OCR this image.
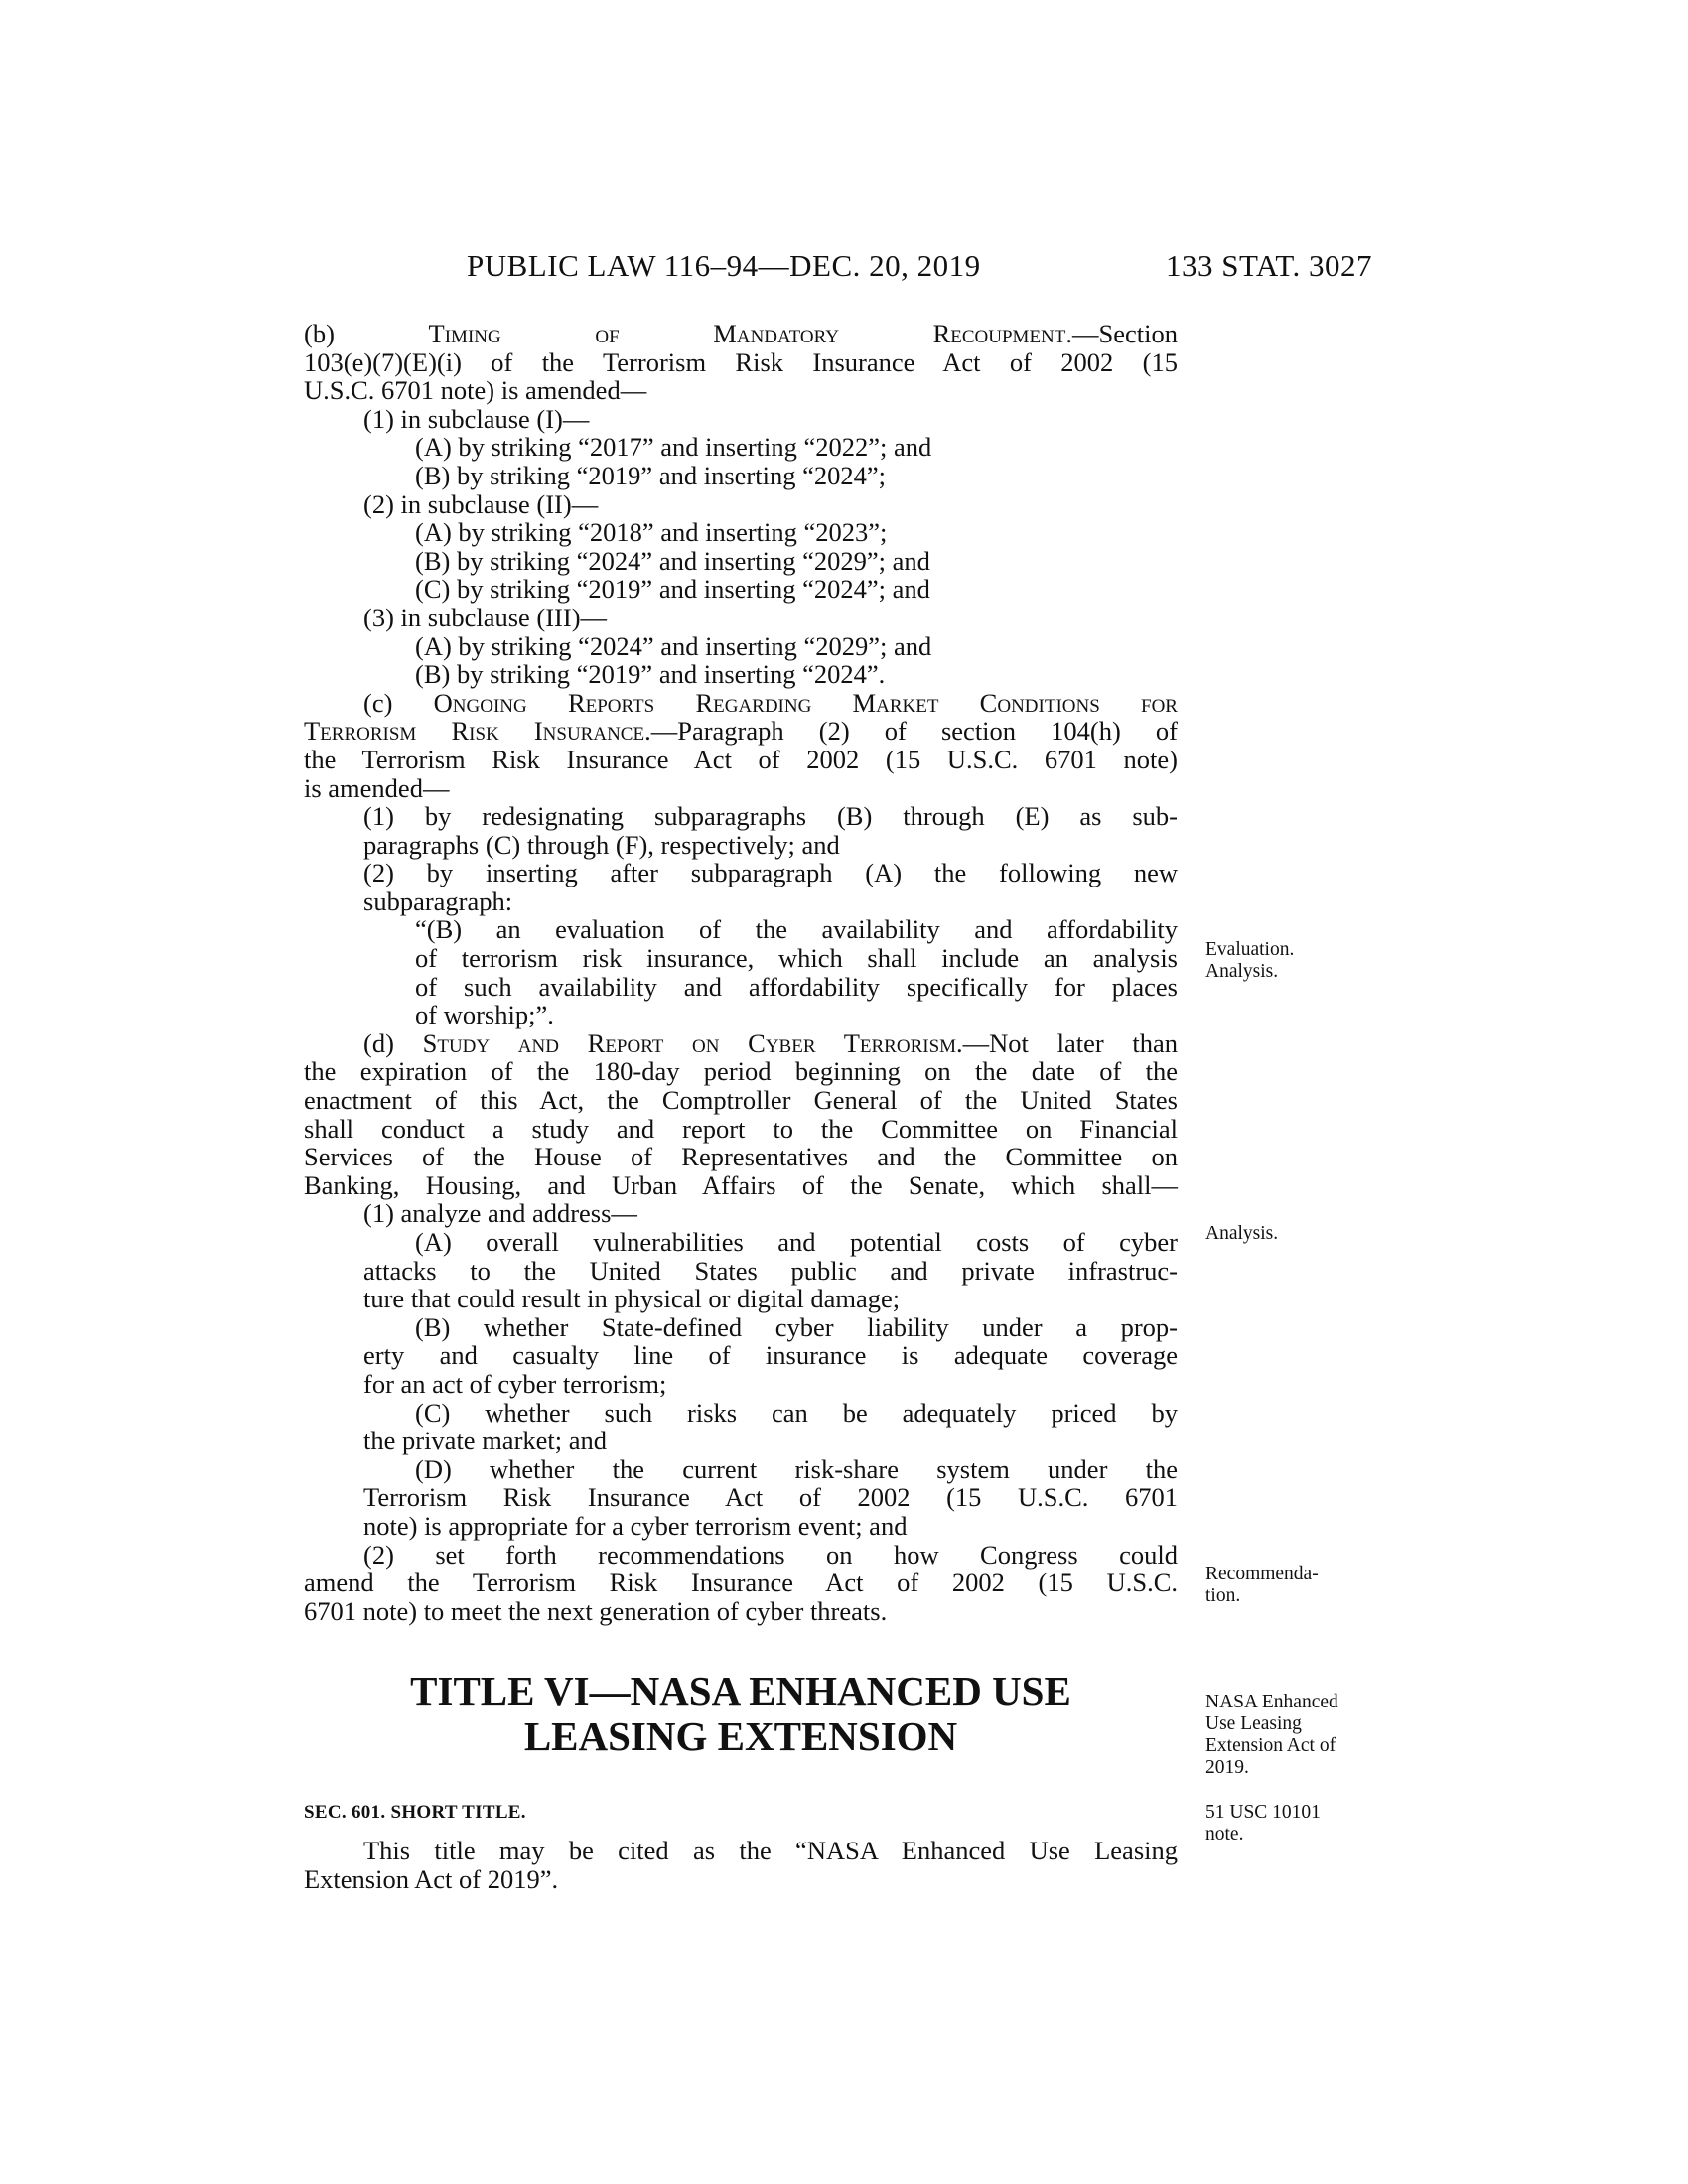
PUBLIC LAW 116–94—DEC. 20, 2019	133 STAT. 3027
(b) Timing of Mandatory Recoupment.—Section
103(e)(7)(E)(i) of the Terrorism Risk Insurance Act of 2002 (15
U.S.C. 6701 note) is amended—
(1) in subclause (I)—
(A) by striking “2017” and inserting “2022”; and
(B) by striking “2019” and inserting “2024”;
(2) in subclause (II)—
(A) by striking “2018” and inserting “2023”;
(B) by striking “2024” and inserting “2029”; and
(C) by striking “2019” and inserting “2024”; and
(3) in subclause (III)—
(A) by striking “2024” and inserting “2029”; and
(B) by striking “2019” and inserting “2024”.
(c) Ongoing Reports Regarding Market Conditions for
Terrorism Risk Insurance.—Paragraph (2) of section 104(h) of
the Terrorism Risk Insurance Act of 2002 (15 U.S.C. 6701 note)
is amended—
(1) by redesignating subparagraphs (B) through (E) as sub-
paragraphs (C) through (F), respectively; and
(2) by inserting after subparagraph (A) the following new
subparagraph:
“(B) an evaluation of the availability and affordability
of terrorism risk insurance, which shall include an analysis
of such availability and affordability specifically for places
of worship;”.
(d) Study and Report on Cyber Terrorism.—Not later than
the expiration of the 180-day period beginning on the date of the
enactment of this Act, the Comptroller General of the United States
shall conduct a study and report to the Committee on Financial
Services of the House of Representatives and the Committee on
Banking, Housing, and Urban Affairs of the Senate, which shall—
(1) analyze and address—
(A) overall vulnerabilities and potential costs of cyber
attacks to the United States public and private infrastruc-
ture that could result in physical or digital damage;
(B) whether State-defined cyber liability under a prop-
erty and casualty line of insurance is adequate coverage
for an act of cyber terrorism;
(C) whether such risks can be adequately priced by
the private market; and
(D) whether the current risk-share system under the
Terrorism Risk Insurance Act of 2002 (15 U.S.C. 6701
note) is appropriate for a cyber terrorism event; and
(2) set forth recommendations on how Congress could
amend the Terrorism Risk Insurance Act of 2002 (15 U.S.C.
6701 note) to meet the next generation of cyber threats.
TITLE VI—NASA ENHANCED USE
LEASING EXTENSION
SEC. 601. SHORT TITLE.
This title may be cited as the “NASA Enhanced Use Leasing
Extension Act of 2019”.
Evaluation.
Analysis.
Analysis.
Recommenda-
tion.
NASA Enhanced
Use Leasing
Extension Act of
2019.
51 USC 10101
note.
